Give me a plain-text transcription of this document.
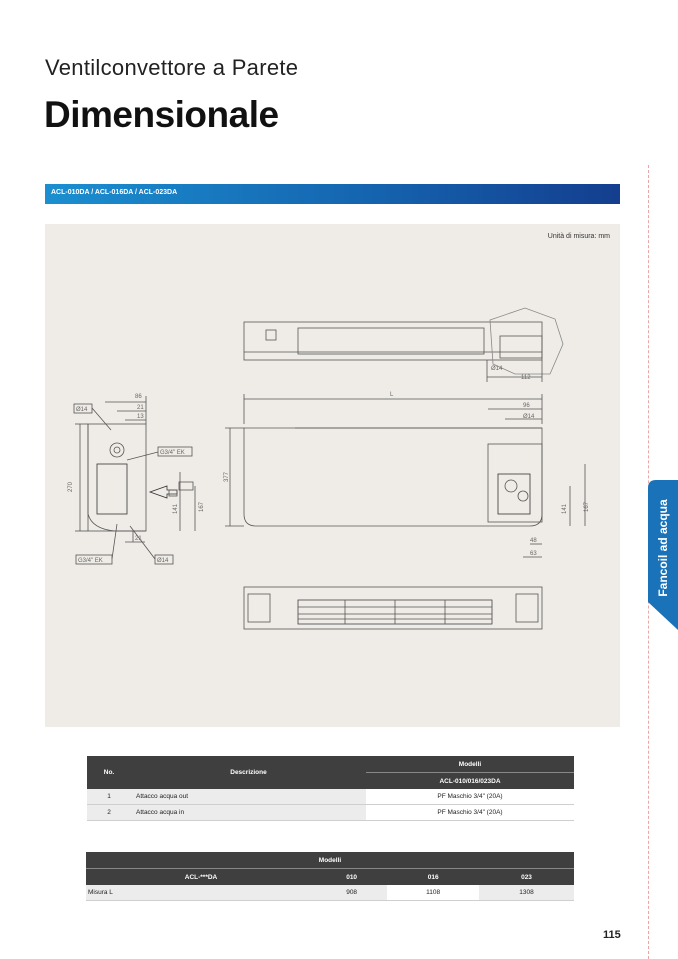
Ventilconvettore a Parete
Dimensionale
ACL-010DA / ACL-016DA / ACL-023DA
Unità di misura: mm
L
86
21
13
Ø14
G3/4" EK
270
377
141	167
21
G3/4" EK	Ø14
Ø14
112
96
Ø14
141	167
48
63	Fancoil ad acqua
No.	Descrizione	Modelli
		ACL-010/016/023DA
1	Attacco acqua out	PF Maschio 3/4" (20A)
2	Attacco acqua in	PF Maschio 3/4" (20A)
Modelli			
ACL-***DA	010	016	023
Misura L	908	1108	1308
115
